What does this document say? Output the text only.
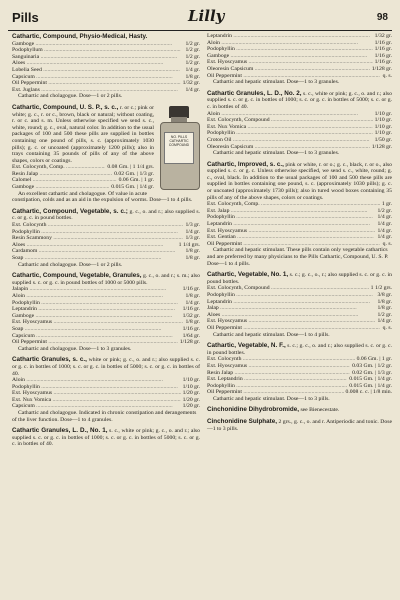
Pills	Lilly	98
Cathartic, Compound, Physio-Medical, Hasty.
Gamboge .....	1/2 gr.
Podophyllum .....	1/2 gr.
Sanguinaria .....	1/2 gr.
Aloes .....	1/2 gr.
Lobelia Seed .....	1/4 gr.
Capsicum .....	1/8 gr.
Oil Peppermint .....	1/32 gr.
Ext. Juglans .....	1/4 gr.
Cathartic and cholagogue. Dose—1 or 2 pills.
NO. PILLS CATHARTIC COMPOUND
Cathartic, Compound, U. S. P., s. c., r. or c.; pink or white; g. c., r. or c., brown, black or natural; without coating, r. or c. and s. m. Unless otherwise specified we send s. c., white, round; g. c., oval, natural color. In addition to the usual packages of 100 and 500 these pills are supplied in bottles containing one pound of pills, s. c. (approximately 1030 pills); g. c. or uncoated (approximately 1200 pills); also in trays containing 35 pounds of pills of any of the above shapes, colors or coatings.
Ext. Colocynth, Comp. .....	0.08 Gm. | 1 1/4 grs.
Resin Jalap .....	0.02 Gm. | 1/3 gr.
Calomel .....	0.06 Gm. | 1 gr.
Gamboge .....	0.015 Gm. | 1/4 gr.
An excellent cathartic and cholagogue. Of value in acute constipation, colds and as an aid in the expulsion of worms. Dose—1 to 4 pills.
Cathartic, Compound, Vegetable, s. c.; g. c., o. and r.; also supplied s. c. or g. c. in pound bottles.
Ext. Colocynth .....	1/3 gr.
Podophyllin .....	1/4 gr.
Resin Scammony .....	1/3 gr.
Aloes .....	1 1/4 grs.
Cardamom .....	1/8 gr.
Soap .....	1/8 gr.
Cathartic and cholagogue. Dose—1 or 2 pills.
Cathartic, Compound, Vegetable, Granules, g. c., o. and r.; s. m.; also supplied s. c. or g. c. in pound bottles of 1000 or 5000 pills.
Jalapin .....	1/16 gr.
Aloin .....	1/8 gr.
Podophyllin .....	1/4 gr.
Leptandrin .....	1/16 gr.
Gamboge .....	1/32 gr.
Ext. Hyoscyamus .....	1/8 gr.
Soap .....	1/16 gr.
Capsicum .....	1/64 gr.
Oil Peppermint .....	1/128 gr.
Cathartic and cholagogue. Dose—1 to 3 granules.
Cathartic Granules, s. c., white or pink; g. c., o. and r.; also supplied s. c. or g. c. in bottles of 1000; s. c. or g. c. in bottles of 5000; s. c. or g. c. in bottles of 40.
Aloin .....	1/10 gr.
Podophyllin .....	1/10 gr.
Ext. Hyoscyamus .....	1/20 gr.
Ext. Nux Vomica .....	1/20 gr.
Capsicum .....	1/20 gr.
Cathartic and cholagogue. Indicated in chronic constipation and derangements of the liver function. Dose—1 to 4 granules.
Cathartic Granules, L. D., No. 1, s. c., white or pink; g. c., o. and r.; also supplied s. c. or g. c. in bottles of 1000; s. c. or g. c. in bottles of 5000; s. c. or g. c. in bottles of 40.
Leptandrin .....	1/32 gr.
Aloin .....	1/16 gr.
Podophyllin .....	1/16 gr.
Gamboge .....	1/16 gr.
Ext. Hyoscyamus .....	1/16 gr.
Oleoresin Capsicum .....	1/128 gr.
Oil Peppermint .....	q. s.
Cathartic and hepatic stimulant. Dose—1 to 3 granules.
Cathartic Granules, L. D., No. 2, s. c., white or pink; g. c., o. and r.; also supplied s. c. or g. c. in bottles of 1000; s. c. or g. c. in bottles of 5000; s. c. or g. c. in bottles of 40.
Aloin .....	1/10 gr.
Ext. Colocynth, Compound .....	1/10 gr.
Ext. Nux Vomica .....	1/10 gr.
Podophyllin .....	1/10 gr.
Croton Oil .....	1/50 gr.
Oleoresin Capsicum .....	1/128 gr.
Cathartic and hepatic stimulant. Dose—1 to 3 granules.
Cathartic, Improved, s. c., pink or white, r. or o.; g. c., black, r. or o., also supplied s. c. or g. c. Unless otherwise specified, we send s. c., white, round; g. c., oval, black. In addition to the usual packages of 100 and 500 these pills are supplied in bottles containing one pound, s. c. (approximately 1030 pills); g. c. or uncoated (approximately 1730 pills); also in tured wood boxes containing 35 pills of any of the above shapes, colors or coatings.
Ext. Colocynth, Comp. .....	1 gr.
Ext. Jalap .....	1/2 gr.
Podophyllin .....	1/4 gr.
Leptandrin .....	1/4 gr.
Ext. Hyoscyamus .....	1/4 gr.
Ext. Gentian .....	1/4 gr.
Oil Peppermint .....	q. s.
Cathartic and hepatic stimulant. These pills contain only vegetable cathartics and are preferred by many physicians to the Pills Cathartic, Compound, U. S. P. Dose—1 to 4 pills.
Cathartic, Vegetable, No. 1, s. c.; g. c., o., r.; also supplied s. c. or g. c. in pound bottles.
Ext. Colocynth, Compound .....	1 1/2 grs.
Podophyllin .....	3/8 gr.
Leptandrin .....	1/8 gr.
Jalap .....	1/8 gr.
Aloes .....	1/2 gr.
Ext. Hyoscyamus .....	1/4 gr.
Oil Peppermint .....	q. s.
Cathartic and hepatic stimulant. Dose—1 to 4 pills.
Cathartic, Vegetable, N. F., s. c.; g. c., o. and r.; also supplied s. c. or g. c. in pound bottles.
Ext. Colocynth .....	0.06 Gm. | 1 gr.
Ext. Hyoscyamus .....	0.03 Gm. | 1/2 gr.
Resin Jalap .....	0.02 Gm. | 1/3 gr.
Ext. Leptandrin .....	0.015 Gm. | 1/4 gr.
Podophyllin .....	0.015 Gm. | 1/4 gr.
Oil Peppermint .....	0.008 c. c. | 1/8 min.
Cathartic and hepatic stimulant. Dose—1 to 3 pills.
Cinchonidine Dihydrobromide, see Bienecestate.
Cinchonidine Sulphate, 2 grs., g. c., o. and r. Antiperiodic and tonic. Dose—1 to 3 pills.
